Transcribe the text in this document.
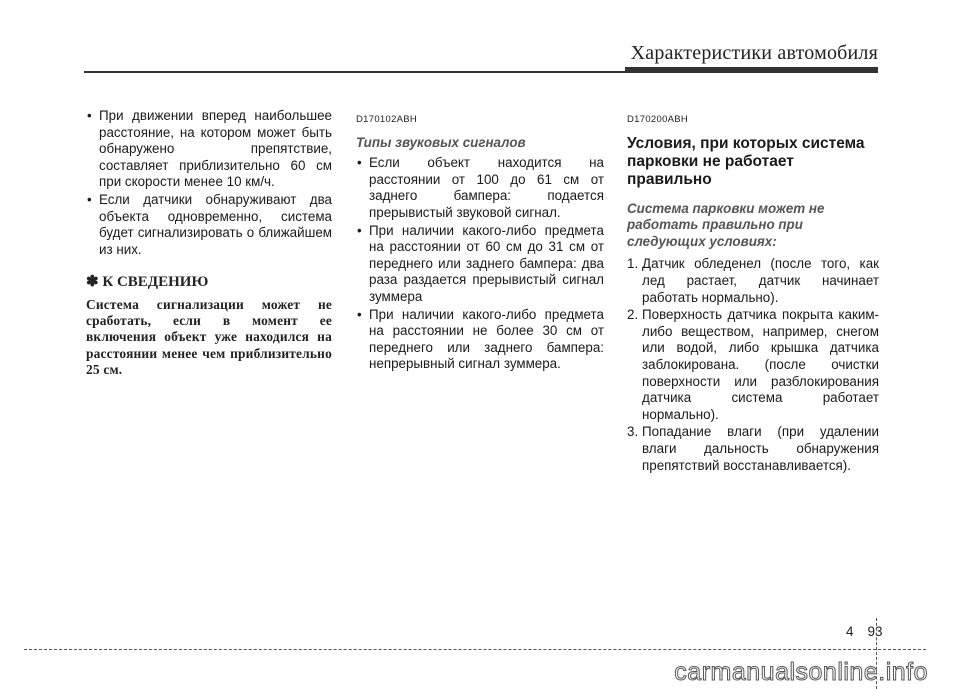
Характеристики автомобиля
• При движении вперед наибольшее расстояние, на котором может быть обнаружено препятствие, составляет приблизительно 60 см при скорости менее 10 км/ч.
• Если датчики обнаруживают два объекта одновременно, система будет сигнализировать о ближайшем из них.
✽ К СВЕДЕНИЮ
Система сигнализации может не сработать, если в момент ее включения объект уже находился на расстоянии менее чем приблизительно 25 см.
D170102ABH
Типы звуковых сигналов
• Если объект находится на расстоянии от 100 до 61 см от заднего бампера: подается прерывистый звуковой сигнал.
• При наличии какого-либо предмета на расстоянии от 60 см до 31 см от переднего или заднего бампера: два раза раздается прерывистый сигнал зуммера
• При наличии какого-либо предмета на расстоянии не более 30 см от переднего или заднего бампера: непрерывный сигнал зуммера.
D170200ABH
Условия, при которых система парковки не работает правильно
Система парковки может не работать правильно при следующих условиях:
1. Датчик обледенел (после того, как лед растает, датчик начинает работать нормально).
2. Поверхность датчика покрыта каким-либо веществом, например, снегом или водой, либо крышка датчика заблокирована. (после очистки поверхности или разблокирования датчика система работает нормально).
3. Попадание влаги (при удалении влаги дальность обнаружения препятствий восстанавливается).
4 93
carmanualsonline.info
